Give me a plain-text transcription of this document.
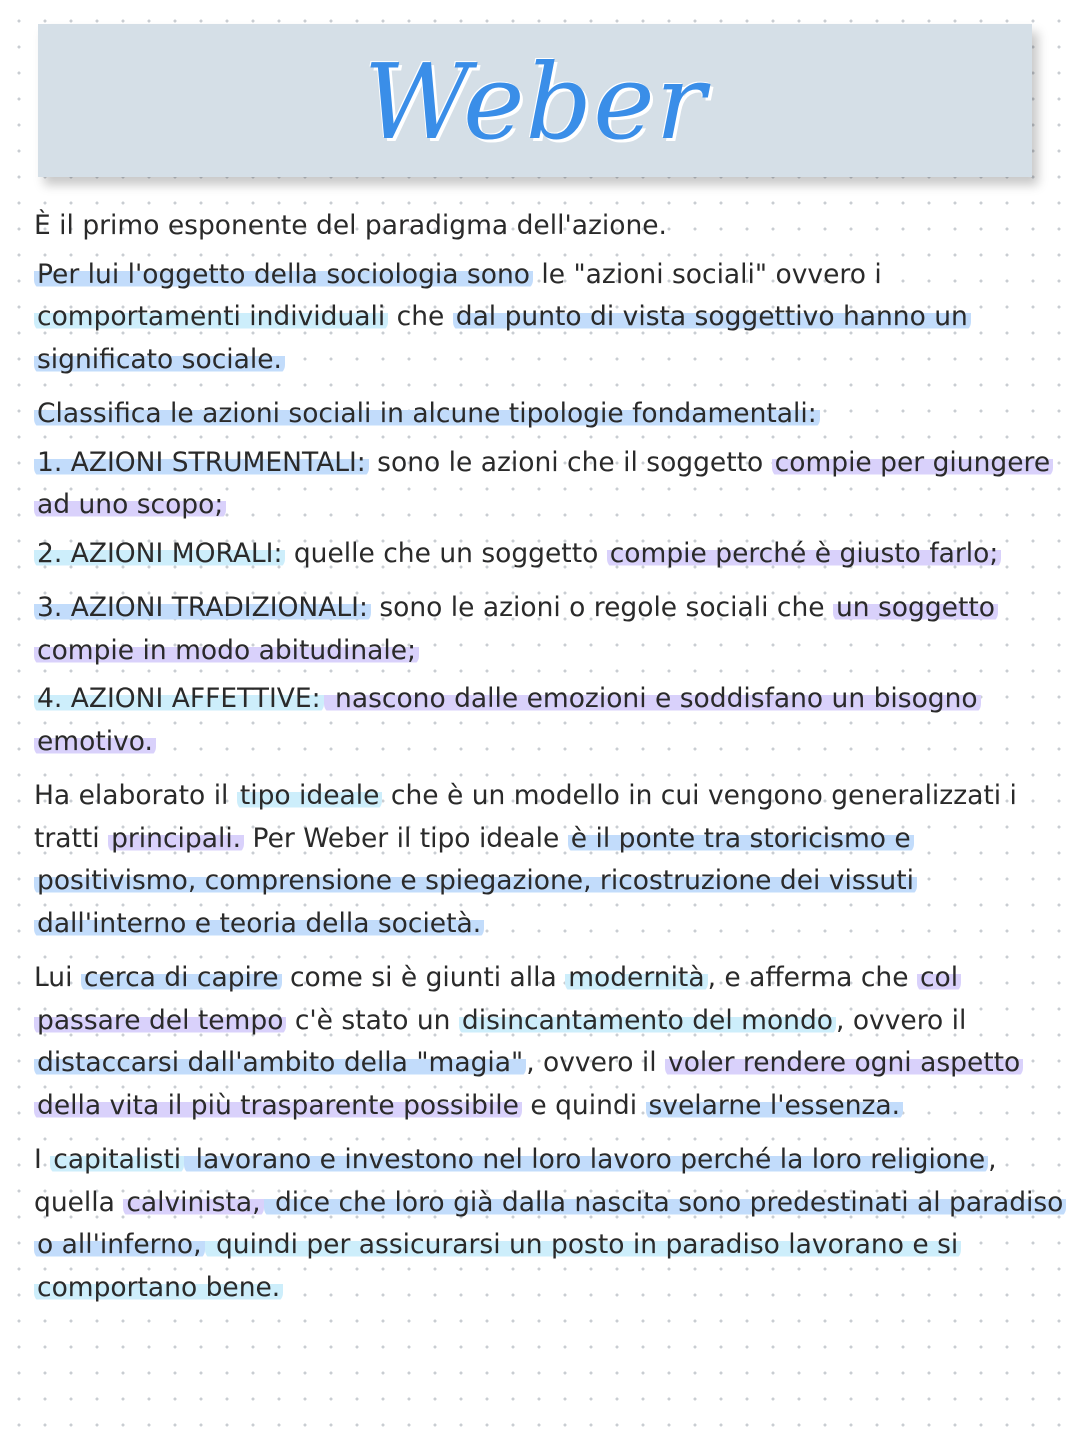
Weber

È il primo esponente del paradigma dell'azione.

Per lui l'oggetto della sociologia sono le "azioni sociali" ovvero i comportamenti individuali che dal punto di vista soggettivo hanno un significato sociale.

Classifica le azioni sociali in alcune tipologie fondamentali:

1. AZIONI STRUMENTALI: sono le azioni che il soggetto compie per giungere ad uno scopo;

2. AZIONI MORALI: quelle che un soggetto compie perché è giusto farlo;

3. AZIONI TRADIZIONALI: sono le azioni o regole sociali che un soggetto compie in modo abitudinale;

4. AZIONI AFFETTIVE: nascono dalle emozioni e soddisfano un bisogno emotivo.

Ha elaborato il tipo ideale che è un modello in cui vengono generalizzati i tratti principali. Per Weber il tipo ideale è il ponte tra storicismo e positivismo, comprensione e spiegazione, ricostruzione dei vissuti dall'interno e teoria della società.

Lui cerca di capire come si è giunti alla modernità , e afferma che col passare del tempo c'è stato un disincantamento del mondo , ovvero il distaccarsi dall'ambito della "magia" , ovvero il voler rendere ogni aspetto della vita il più trasparente possibile e quindi svelarne l'essenza.

I capitalisti lavorano e investono nel loro lavoro perché la loro religione , quella calvinista, dice che loro già dalla nascita sono predestinati al paradiso o all'inferno, quindi per assicurarsi un posto in paradiso lavorano e si comportano bene.
